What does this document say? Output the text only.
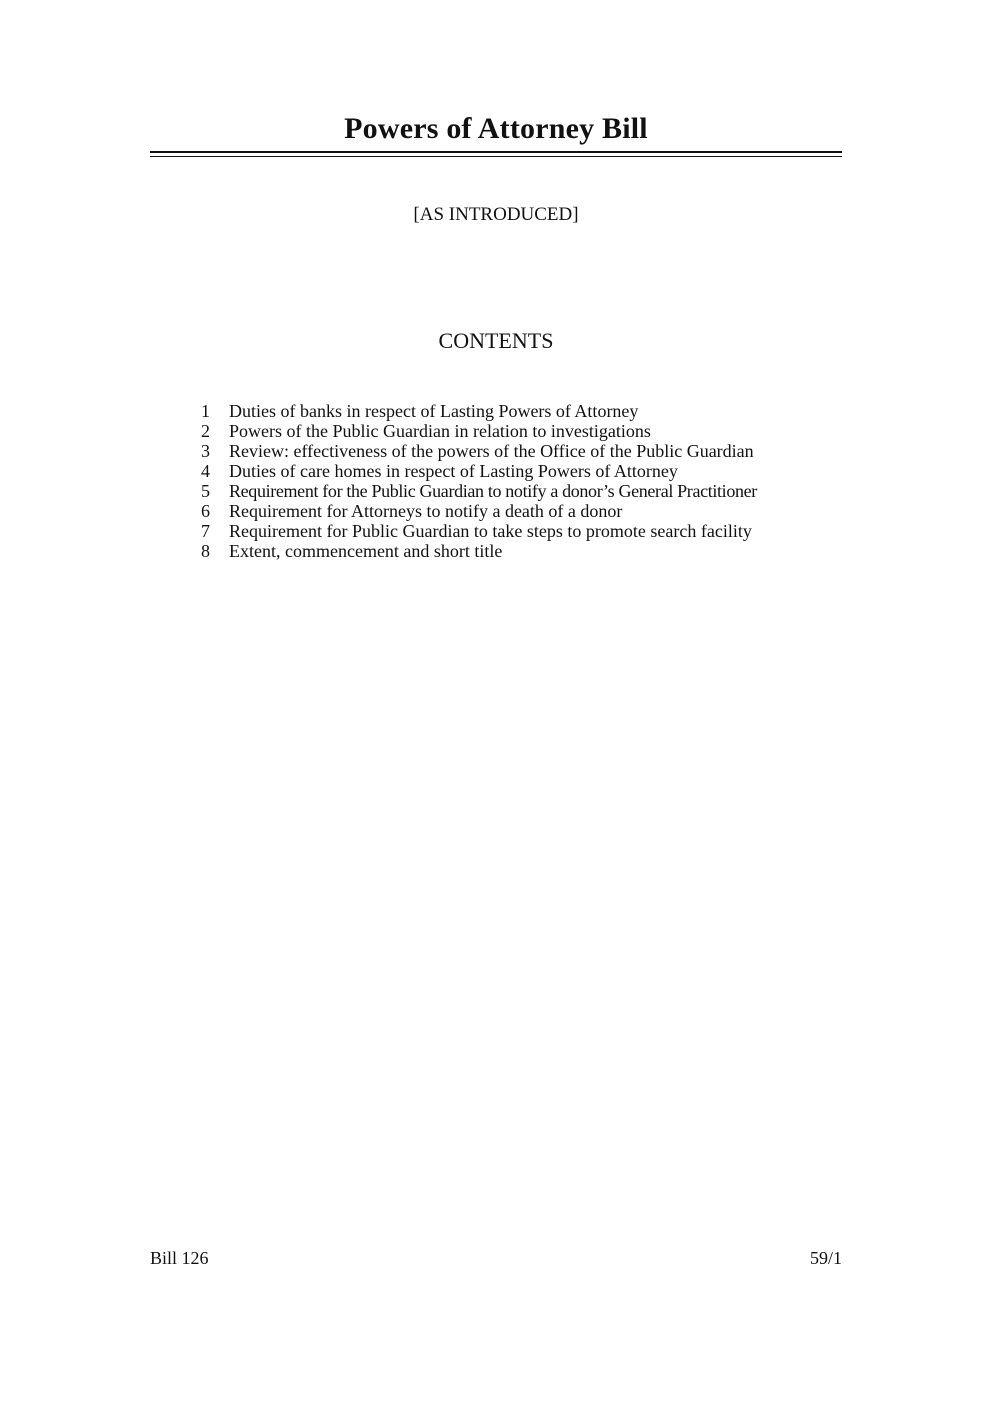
Powers of Attorney Bill
[AS INTRODUCED]
CONTENTS
1 Duties of banks in respect of Lasting Powers of Attorney
2 Powers of the Public Guardian in relation to investigations
3 Review: effectiveness of the powers of the Office of the Public Guardian
4 Duties of care homes in respect of Lasting Powers of Attorney
5 Requirement for the Public Guardian to notify a donor’s General Practitioner
6 Requirement for Attorneys to notify a death of a donor
7 Requirement for Public Guardian to take steps to promote search facility
8 Extent, commencement and short title
Bill 126	59/1
